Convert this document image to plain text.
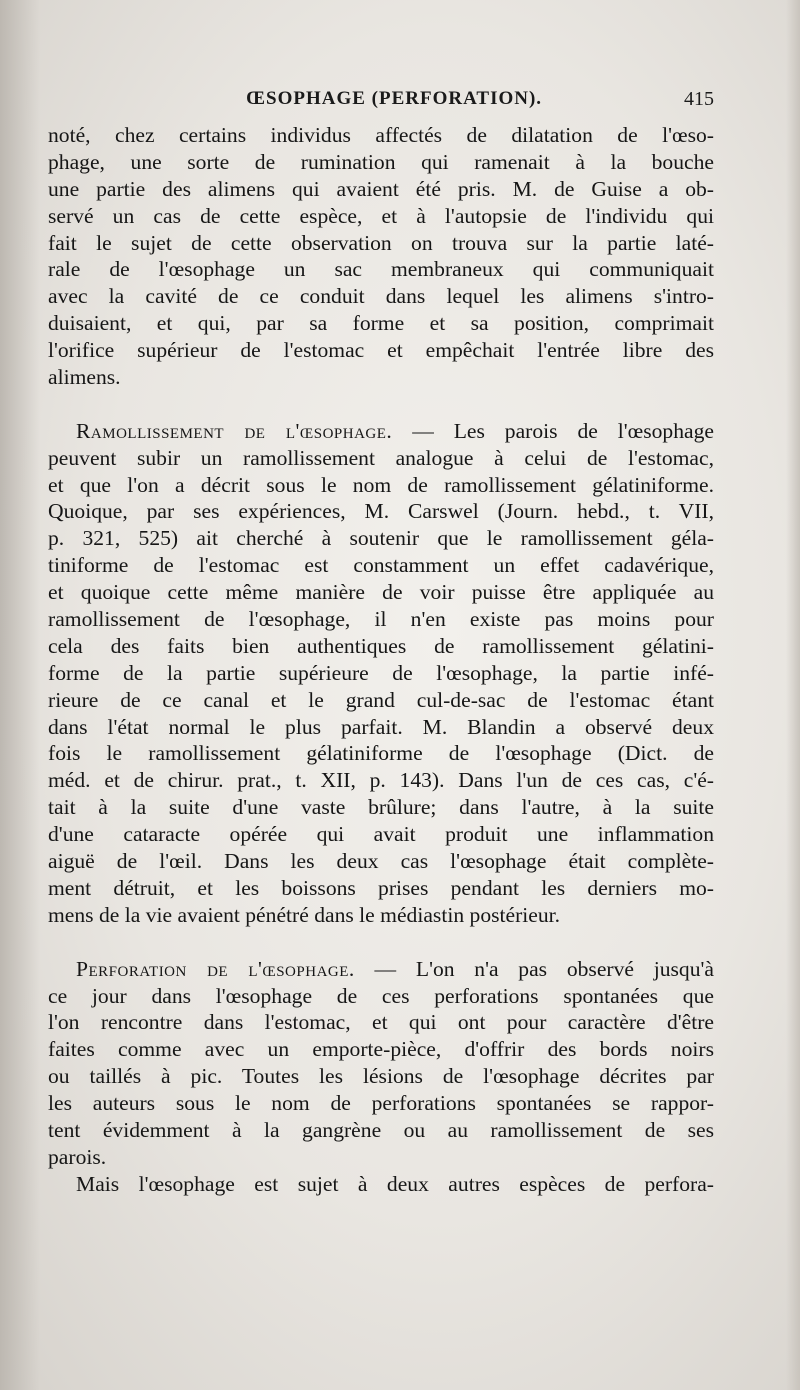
ŒSOPHAGE (PERFORATION).	415
noté, chez certains individus affectés de dilatation de l'œso-
phage, une sorte de rumination qui ramenait à la bouche
une partie des alimens qui avaient été pris. M. de Guise a ob-
servé un cas de cette espèce, et à l'autopsie de l'individu qui
fait le sujet de cette observation on trouva sur la partie laté-
rale de l'œsophage un sac membraneux qui communiquait
avec la cavité de ce conduit dans lequel les alimens s'intro-
duisaient, et qui, par sa forme et sa position, comprimait
l'orifice supérieur de l'estomac et empêchait l'entrée libre des
alimens.
Ramollissement de l'œsophage. — Les parois de l'œsophage
peuvent subir un ramollissement analogue à celui de l'estomac,
et que l'on a décrit sous le nom de ramollissement gélatiniforme.
Quoique, par ses expériences, M. Carswel (Journ. hebd., t. VII,
p. 321, 525) ait cherché à soutenir que le ramollissement géla-
tiniforme de l'estomac est constamment un effet cadavérique,
et quoique cette même manière de voir puisse être appliquée au
ramollissement de l'œsophage, il n'en existe pas moins pour
cela des faits bien authentiques de ramollissement gélatini-
forme de la partie supérieure de l'œsophage, la partie infé-
rieure de ce canal et le grand cul-de-sac de l'estomac étant
dans l'état normal le plus parfait. M. Blandin a observé deux
fois le ramollissement gélatiniforme de l'œsophage (Dict. de
méd. et de chirur. prat., t. XII, p. 143). Dans l'un de ces cas, c'é-
tait à la suite d'une vaste brûlure; dans l'autre, à la suite
d'une cataracte opérée qui avait produit une inflammation
aiguë de l'œil. Dans les deux cas l'œsophage était complète-
ment détruit, et les boissons prises pendant les derniers mo-
mens de la vie avaient pénétré dans le médiastin postérieur.
Perforation de l'œsophage. — L'on n'a pas observé jusqu'à
ce jour dans l'œsophage de ces perforations spontanées que
l'on rencontre dans l'estomac, et qui ont pour caractère d'être
faites comme avec un emporte-pièce, d'offrir des bords noirs
ou taillés à pic. Toutes les lésions de l'œsophage décrites par
les auteurs sous le nom de perforations spontanées se rappor-
tent évidemment à la gangrène ou au ramollissement de ses
parois.
Mais l'œsophage est sujet à deux autres espèces de perfora-
